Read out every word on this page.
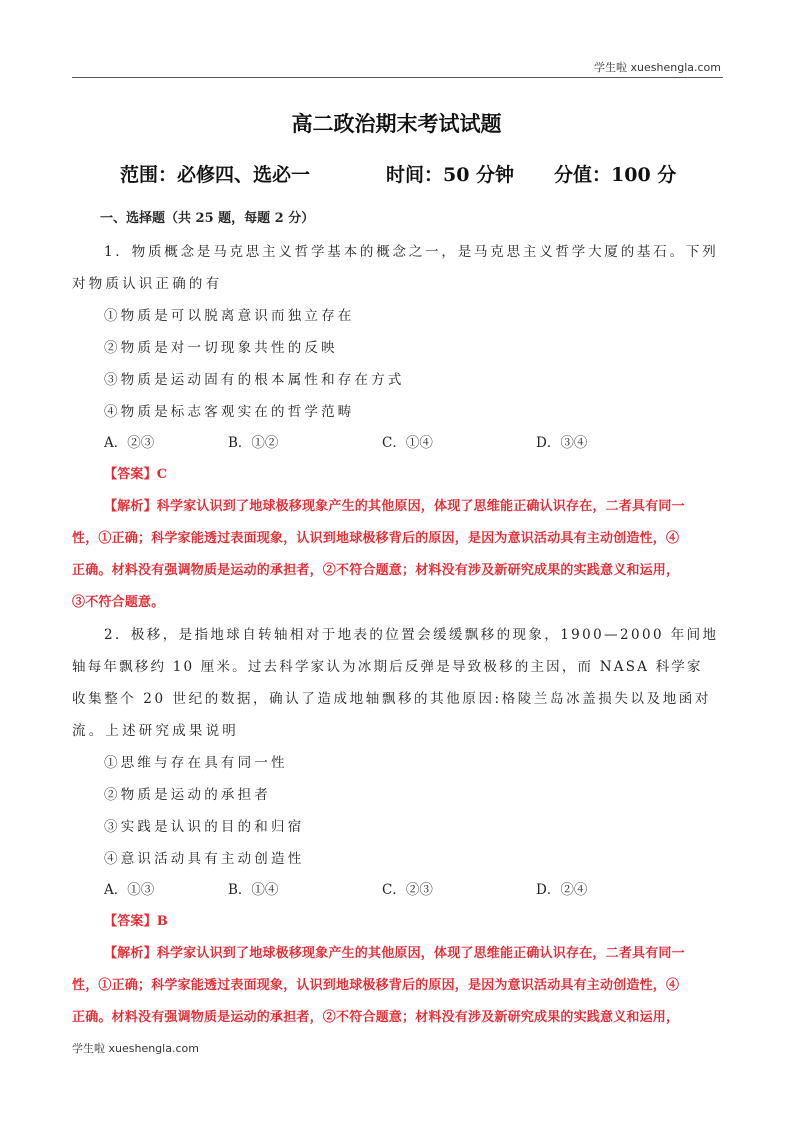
学生啦 xueshengla.com
高二政治期末考试试题
范围：必修四、选必一	时间：50 分钟 分值：100 分
一、选择题（共 25 题，每题 2 分）
1．物质概念是马克思主义哲学基本的概念之一，是马克思主义哲学大厦的基石。下列
对物质认识正确的有
①物质是可以脱离意识而独立存在
②物质是对一切现象共性的反映
③物质是运动固有的根本属性和存在方式
④物质是标志客观实在的哲学范畴
A．②③	B．①②	C．①④	D．③④
【答案】C
【解析】科学家认识到了地球极移现象产生的其他原因，体现了思维能正确认识存在，二者具有同一
性，①正确；科学家能透过表面现象，认识到地球极移背后的原因，是因为意识活动具有主动创造性，④
正确。材料没有强调物质是运动的承担者，②不符合题意；材料没有涉及新研究成果的实践意义和运用，
③不符合题意。
2．极移，是指地球自转轴相对于地表的位置会缓缓飘移的现象，1900—2000 年间地
轴每年飘移约 10 厘米。过去科学家认为冰期后反弹是导致极移的主因，而 NASA 科学家
收集整个 20 世纪的数据，确认了造成地轴飘移的其他原因:格陵兰岛冰盖损失以及地函对
流。上述研究成果说明
①思维与存在具有同一性
②物质是运动的承担者
③实践是认识的目的和归宿
④意识活动具有主动创造性
A．①③	B．①④	C．②③	D．②④
【答案】B
【解析】科学家认识到了地球极移现象产生的其他原因，体现了思维能正确认识存在，二者具有同一
性，①正确；科学家能透过表面现象，认识到地球极移背后的原因，是因为意识活动具有主动创造性，④
正确。材料没有强调物质是运动的承担者，②不符合题意；材料没有涉及新研究成果的实践意义和运用，
学生啦 xueshengla.com
